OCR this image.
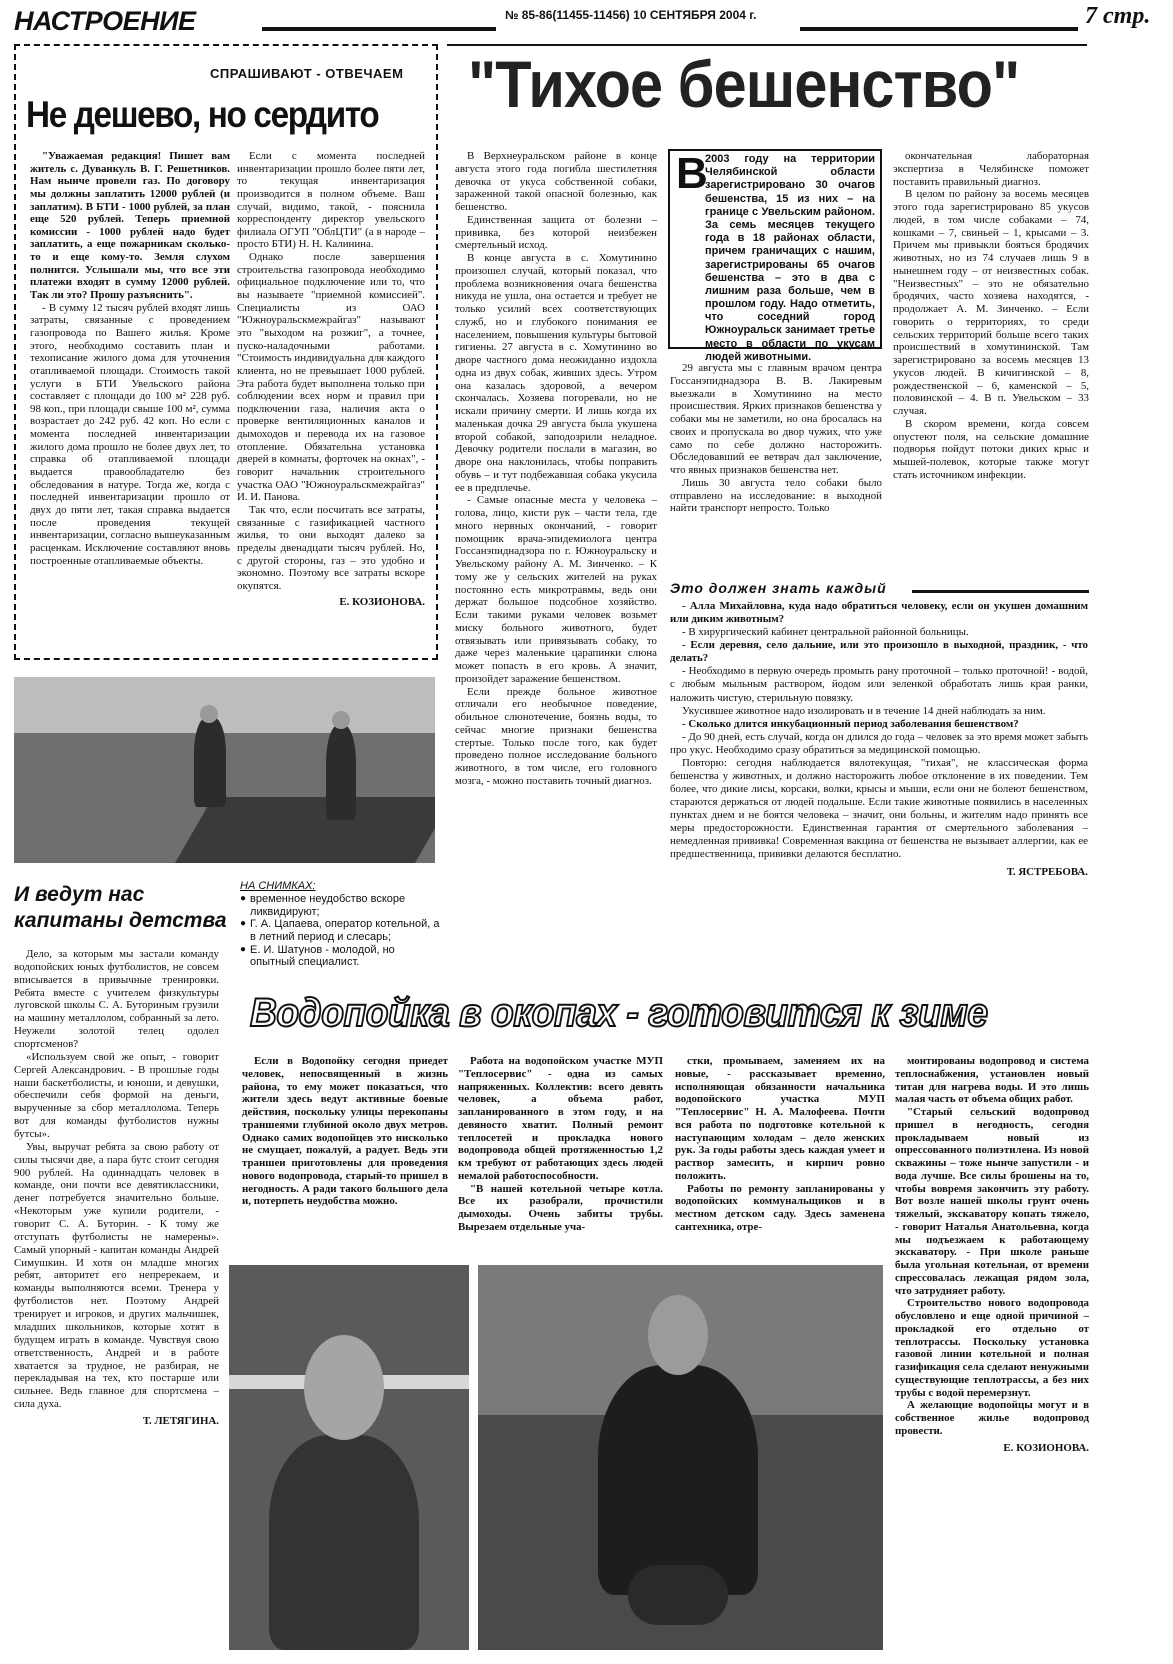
НАСТРОЕНИЕ	№ 85-86(11455-11456) 10 СЕНТЯБРЯ 2004 г.	7 стр.
СПРАШИВАЮТ - ОТВЕЧАЕМ
Не дешево, но сердито

"Уважаемая редакция! Пишет вам житель с. Дуванкуль В. Г. Решетников. Нам нынче провели газ. По договору мы должны заплатить 12000 рублей (и заплатим). В БТИ - 1000 рублей, за план еще 520 рублей. Теперь приемной комиссии - 1000 рублей надо будет заплатить, а еще пожарникам сколько-то и еще кому-то. Земля слухом полнится. Услышали мы, что все эти платежи входят в сумму 12000 рублей. Так ли это? Прошу разъяснить".

- В сумму 12 тысяч рублей входят лишь затраты, связанные с проведением газопровода по Вашего жилья. Кроме этого, необходимо составить план и техописание жилого дома для уточнения отапливаемой площади. Стоимость такой услуги в БТИ Увельского района составляет с площади до 100 м² 228 руб. 98 коп., при площади свыше 100 м², сумма возрастает до 242 руб. 42 коп. Но если с момента последней инвентаризации жилого дома прошло не более двух лет, то справка об отапливаемой площади выдается правообладателю без обследования в натуре. Тогда же, когда с последней инвентаризации прошло от двух до пяти лет, такая справка выдается после проведения текущей инвентаризации, согласно вышеуказанным расценкам. Исключение составляют вновь построенные отапливаемые объекты.

Если с момента последней инвентаризации прошло более пяти лет, то текущая инвентаризация производится в полном объеме. Ваш случай, видимо, такой, - пояснила корреспонденту директор увельского филиала ОГУП "ОблЦТИ" (а в народе – просто БТИ) Н. Н. Калинина.

Однако после завершения строительства газопровода необходимо официальное подключение или то, что вы называете "приемной комиссией". Специалисты из ОАО "Южноуральскмежрайгаз" называют это "выходом на розжиг", а точнее, пуско-наладочными работами. "Стоимость индивидуальна для каждого клиента, но не превышает 1000 рублей. Эта работа будет выполнена только при соблюдении всех норм и правил при подключении газа, наличия акта о проверке вентиляционных каналов и дымоходов и перевода их на газовое отопление. Обязательна установка дверей в комнаты, форточек на окнах", - говорит начальник строительного участка ОАО "Южноуральскмежрайгаз" И. И. Панова.

Так что, если посчитать все затраты, связанные с газификацией частного жилья, то они выходят далеко за пределы двенадцати тысяч рублей. Но, с другой стороны, газ – это удобно и экономно. Поэтому все затраты вскоре окупятся.

Е. КОЗИОНОВА.
"Тихое бешенство"

В Верхнеуральском районе в конце августа этого года погибла шестилетняя девочка от укуса собственной собаки, зараженной такой опасной болезнью, как бешенство.

Единственная защита от болезни – прививка, без которой неизбежен смертельный исход.

В конце августа в с. Хомутинино произошел случай, который показал, что проблема возникновения очага бешенства никуда не ушла, она остается и требует не только усилий всех соответствующих служб, но и глубокого понимания ее населением, повышения культуры бытовой гигиены. 27 августа в с. Хомутинино во дворе частного дома неожиданно издохла одна из двух собак, живших здесь. Утром она казалась здоровой, а вечером скончалась. Хозяева погоревали, но не искали причину смерти. И лишь когда их маленькая дочка 29 августа была укушена второй собакой, заподозрили неладное. Девочку родители послали в магазин, во дворе она наклонилась, чтобы поправить обувь – и тут подбежавшая собака укусила ее в предплечье.

- Самые опасные места у человека – голова, лицо, кисти рук – части тела, где много нервных окончаний, - говорит помощник врача-эпидемиолога центра Госсанэпиднадзора по г. Южноуральску и Увельскому району А. М. Зинченко. – К тому же у сельских жителей на руках постоянно есть микротравмы, ведь они держат большое подсобное хозяйство. Если такими руками человек возьмет миску больного животного, будет отвязывать или привязывать собаку, то даже через маленькие царапинки слюна может попасть в его кровь. А значит, произойдет заражение бешенством.

Если прежде больное животное отличали его необычное поведение, обильное слюнотечение, боязнь воды, то сейчас многие признаки бешенства стертые. Только после того, как будет проведено полное исследование больного животного, в том числе, его головного мозга, - можно поставить точный диагноз.

В
2003 году на территории Челябинской области зарегистрировано 30 очагов бешенства, 15 из них – на границе с Увельским районом. За семь месяцев текущего года в 18 районах области, причем граничащих с нашим, зарегистрированы 65 очагов бешенства – это в два с лишним раза больше, чем в прошлом году. Надо отметить, что соседний город Южноуральск занимает третье место в области по укусам людей животными.

29 августа мы с главным врачом центра Госсанэпиднадзора В. В. Лакиревым выезжали в Хомутинино на место происшествия. Ярких признаков бешенства у собаки мы не заметили, но она бросалась на своих и пропускала во двор чужих, что уже само по себе должно насторожить. Обследовавший ее ветврач дал заключение, что явных признаков бешенства нет.

Лишь 30 августа тело собаки было отправлено на исследование: в выходной найти транспорт непросто. Только

окончательная лабораторная экспертиза в Челябинске поможет поставить правильный диагноз.

В целом по району за восемь месяцев этого года зарегистрировано 85 укусов людей, в том числе собаками – 74, кошками – 7, свиньей – 1, крысами – 3. Причем мы привыкли бояться бродячих животных, но из 74 случаев лишь 9 в нынешнем году – от неизвестных собак. "Неизвестных" – это не обязательно бродячих, часто хозяева находятся, - продолжает А. М. Зинченко. – Если говорить о территориях, то среди сельских территорий больше всего таких происшествий в хомутининской. Там зарегистрировано за восемь месяцев 13 укусов людей. В кичигинской – 8, рождественской – 6, каменской – 5, половинской – 4. В п. Увельском – 33 случая.

В скором времени, когда совсем опустеют поля, на сельские домашние подворья пойдут потоки диких крыс и мышей-полевок, которые также могут стать источником инфекции.

Это должен знать каждый

- Алла Михайловна, куда надо обратиться человеку, если он укушен домашним или диким животным?

- В хирургический кабинет центральной районной больницы.

- Если деревня, село дальние, или это произошло в выходной, праздник, - что делать?

- Необходимо в первую очередь промыть рану проточной – только проточной! - водой, с любым мыльным раствором, йодом или зеленкой обработать лишь края ранки, наложить чистую, стерильную повязку.

Укусившее животное надо изолировать и в течение 14 дней наблюдать за ним.

- Сколько длится инкубационный период заболевания бешенством?

- До 90 дней, есть случай, когда он длился до года – человек за это время может забыть про укус. Необходимо сразу обратиться за медицинской помощью.

Повторю: сегодня наблюдается вялотекущая, "тихая", не классическая форма бешенства у животных, и должно насторожить любое отклонение в их поведении. Тем более, что дикие лисы, корсаки, волки, крысы и мыши, если они не болеют бешенством, стараются держаться от людей подальше. Если такие животные появились в населенных пунктах днем и не боятся человека – значит, они больны, и жителям надо принять все меры предосторожности. Единственная гарантия от смертельного заболевания – немедленная прививка! Современная вакцина от бешенства не вызывает аллергии, как ее предшественница, прививки делаются бесплатно.

Т. ЯСТРЕБОВА.
НА СНИМКАХ:
● временное неудобство вскоре ликвидируют;
● Г. А. Цапаева, оператор котельной, а в летний период и слесарь;
● Е. И. Шатунов - молодой, но опытный специалист.
И ведут нас капитаны детства

Дело, за которым мы застали команду водопойских юных футболистов, не совсем вписывается в привычные тренировки. Ребята вместе с учителем физкультуры луговской школы С. А. Буториным грузили на машину металлолом, собранный за лето. Неужели золотой телец одолел спортсменов?

«Используем свой же опыт, - говорит Сергей Александрович. - В прошлые годы наши баскетболисты, и юноши, и девушки, обеспечили себя формой на деньги, вырученные за сбор металлолома. Теперь вот для команды футболистов нужны бутсы».

Увы, выручат ребята за свою работу от силы тысячи две, а пара бутс стоит сегодня 900 рублей. На одиннадцать человек в команде, они почти все девятиклассники, денег потребуется значительно больше. «Некоторым уже купили родители, - говорит С. А. Буторин. - К тому же отступать футболисты не намерены». Самый упорный - капитан команды Андрей Симушкин. И хотя он младше многих ребят, авторитет его непререкаем, и команды выполняются всеми. Тренера у футболистов нет. Поэтому Андрей тренирует и игроков, и других мальчишек, младших школьников, которые хотят в будущем играть в команде. Чувствуя свою ответственность, Андрей и в работе хватается за трудное, не разбирая, не перекладывая на тех, кто постарше или сильнее. Ведь главное для спортсмена – сила духа.

Т. ЛЕТЯГИНА.
Водопойка в окопах - готовится к зиме

Если в Водопойку сегодня приедет человек, непосвященный в жизнь района, то ему может показаться, что жители здесь ведут активные боевые действия, поскольку улицы перекопаны траншеями глубиной около двух метров. Однако самих водопойцев это нисколько не смущает, пожалуй, а радует. Ведь эти траншеи приготовлены для проведения нового водопровода, старый-то пришел в негодность. А ради такого большого дела и, потерпеть неудобства можно.

Работа на водопойском участке МУП "Теплосервис" - одна из самых напряженных. Коллектив: всего девять человек, а объема работ, запланированного в этом году, и на девяносто хватит. Полный ремонт теплосетей и прокладка нового водопровода общей протяженностью 1,2 км требуют от работающих здесь людей немалой работоспособности.

"В нашей котельной четыре котла. Все их разобрали, прочистили дымоходы. Очень забиты трубы. Вырезаем отдельные уча-

стки, промываем, заменяем их на новые, - рассказывает временно, исполняющая обязанности начальника водопойского участка МУП "Теплосервис" Н. А. Малофеева. Почти вся работа по подготовке котельной к наступающим холодам – дело женских рук. За годы работы здесь каждая умеет и раствор замесить, и кирпич ровно положить.

Работы по ремонту запланированы у водопойских коммунальщиков и в местном детском саду. Здесь заменена сантехника, отре-

монтированы водопровод и система теплоснабжения, установлен новый титан для нагрева воды. И это лишь малая часть от объема общих работ.

"Старый сельский водопровод пришел в негодность, сегодня прокладываем новый из опрессованного полиэтилена. Из новой скважины – тоже нынче запустили - и вода лучше. Все силы брошены на то, чтобы вовремя закончить эту работу. Вот возле нашей школы грунт очень тяжелый, экскаватору копать тяжело, - говорит Наталья Анатольевна, когда мы подъезжаем к работающему экскаватору. - При школе раньше была угольная котельная, от времени спрессовалась лежащая рядом зола, что затрудняет работу.

Строительство нового водопровода обусловлено и еще одной причиной – прокладкой его отдельно от теплотрассы. Поскольку установка газовой линии котельной и полная газификация села сделают ненужными существующие теплотрассы, а без них трубы с водой перемерзнут.

А желающие водопойцы могут и в собственное жилье водопровод провести.

Е. КОЗИОНОВА.
